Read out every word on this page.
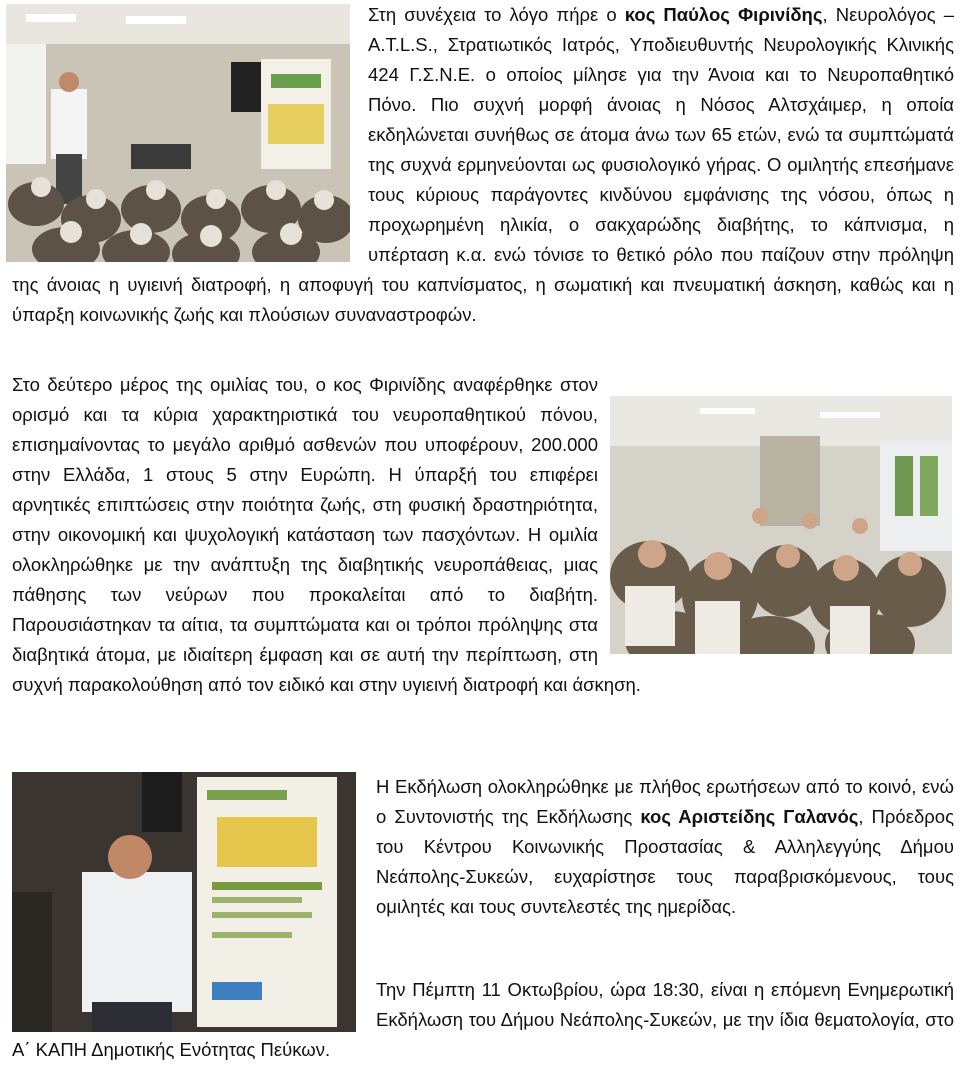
Στη συνέχεια το λόγο πήρε ο κος Παύλος Φιρινίδης, Νευρολόγος – A.T.L.S., Στρατιωτικός Ιατρός, Υποδιευθυντής Νευρολογικής Κλινικής 424 Γ.Σ.Ν.Ε. ο οποίος μίλησε για την Άνοια και το Νευροπαθητικό Πόνο. Πιο συχνή μορφή άνοιας η Νόσος Αλτσχάιμερ, η οποία εκδηλώνεται συνήθως σε άτομα άνω των 65 ετών, ενώ τα συμπτώματά της συχνά ερμηνεύονται ως φυσιολογικό γήρας. Ο ομιλητής επεσήμανε τους κύριους παράγοντες κινδύνου εμφάνισης της νόσου, όπως η προχωρημένη ηλικία, ο σακχαρώδης διαβήτης, το κάπνισμα, η υπέρταση κ.α. ενώ τόνισε το θετικό ρόλο που παίζουν στην πρόληψη της άνοιας η υγιεινή διατροφή, η αποφυγή του καπνίσματος, η σωματική και πνευματική άσκηση, καθώς και η ύπαρξη κοινωνικής ζωής και πλούσιων συναναστροφών.

Στο δεύτερο μέρος της ομιλίας του, ο κος Φιρινίδης αναφέρθηκε στον ορισμό και τα κύρια χαρακτηριστικά του νευροπαθητικού πόνου, επισημαίνοντας το μεγάλο αριθμό ασθενών που υποφέρουν, 200.000 στην Ελλάδα, 1 στους 5 στην Ευρώπη. Η ύπαρξή του επιφέρει αρνητικές επιπτώσεις στην ποιότητα ζωής, στη φυσική δραστηριότητα, στην οικονομική και ψυχολογική κατάσταση των πασχόντων. Η ομιλία ολοκληρώθηκε με την ανάπτυξη της διαβητικής νευροπάθειας, μιας πάθησης των νεύρων που προκαλείται από το διαβήτη. Παρουσιάστηκαν τα αίτια, τα συμπτώματα και οι τρόποι πρόληψης στα διαβητικά άτομα, με ιδιαίτερη έμφαση και σε αυτή την περίπτωση, στη συχνή παρακολούθηση από τον ειδικό και στην υγιεινή διατροφή και άσκηση.

Η Εκδήλωση ολοκληρώθηκε με πλήθος ερωτήσεων από το κοινό, ενώ ο Συντονιστής της Εκδήλωσης κος Αριστείδης Γαλανός, Πρόεδρος του Κέντρου Κοινωνικής Προστασίας & Αλληλεγγύης Δήμου Νεάπολης-Συκεών, ευχαρίστησε τους παραβρισκόμενους, τους ομιλητές και τους συντελεστές της ημερίδας.

Την Πέμπτη 11 Οκτωβρίου, ώρα 18:30, είναι η επόμενη Ενημερωτική Εκδήλωση του Δήμου Νεάπολης-Συκεών, με την ίδια θεματολογία, στο Α΄ ΚΑΠΗ Δημοτικής Ενότητας Πεύκων.
